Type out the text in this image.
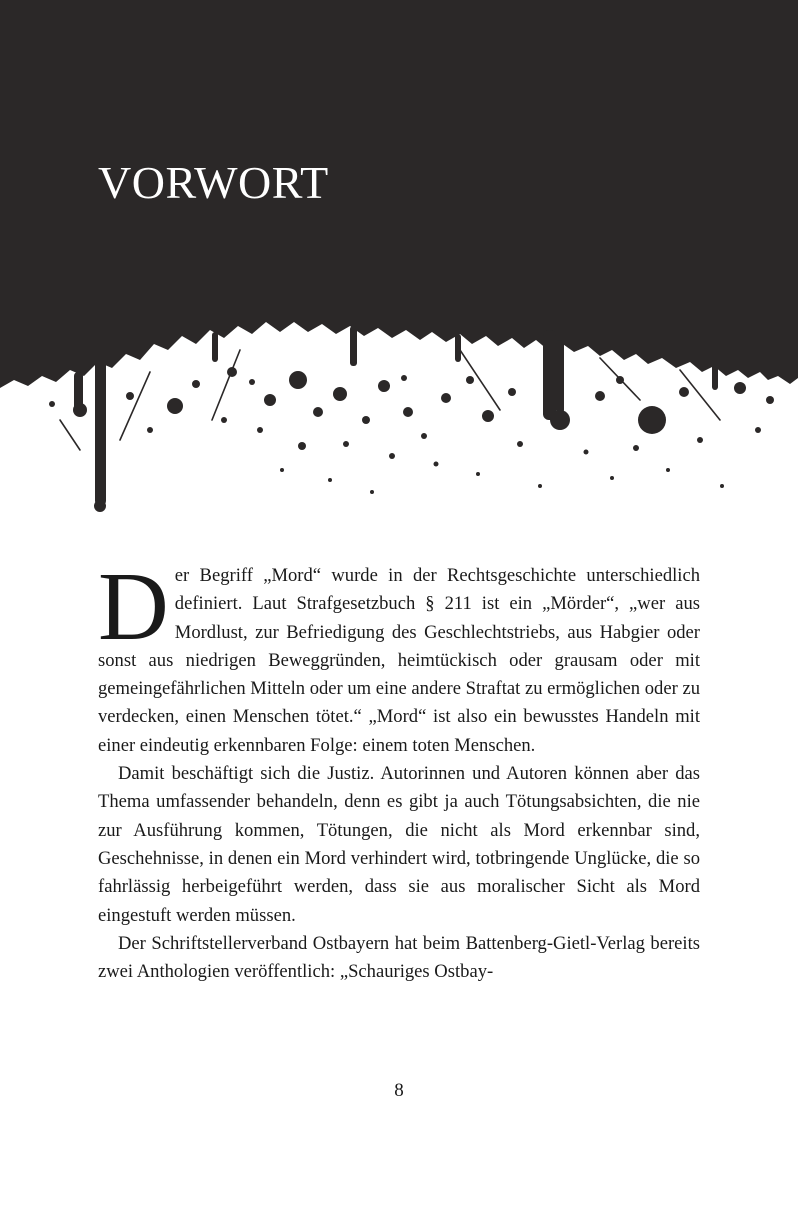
VORWORT

Der Begriff „Mord“ wurde in der Rechtsgeschichte unterschiedlich definiert. Laut Strafgesetzbuch § 211 ist ein „Mörder“, „wer aus Mordlust, zur Befriedigung des Geschlechtstriebs, aus Habgier oder sonst aus niedrigen Beweggründen, heimtückisch oder grausam oder mit gemeingefährlichen Mitteln oder um eine andere Straftat zu ermöglichen oder zu verdecken, einen Menschen tötet.“ „Mord“ ist also ein bewusstes Handeln mit einer eindeutig erkennbaren Folge: einem toten Menschen.

Damit beschäftigt sich die Justiz. Autorinnen und Autoren können aber das Thema umfassender behandeln, denn es gibt ja auch Tötungsabsichten, die nie zur Ausführung kommen, Tötungen, die nicht als Mord erkennbar sind, Geschehnisse, in denen ein Mord verhindert wird, totbringende Unglücke, die so fahrlässig herbeigeführt werden, dass sie aus moralischer Sicht als Mord eingestuft werden müssen.

Der Schriftstellerverband Ostbayern hat beim Battenberg-Gietl-Verlag bereits zwei Anthologien veröffentlich: „Schauriges Ostbay-

8
